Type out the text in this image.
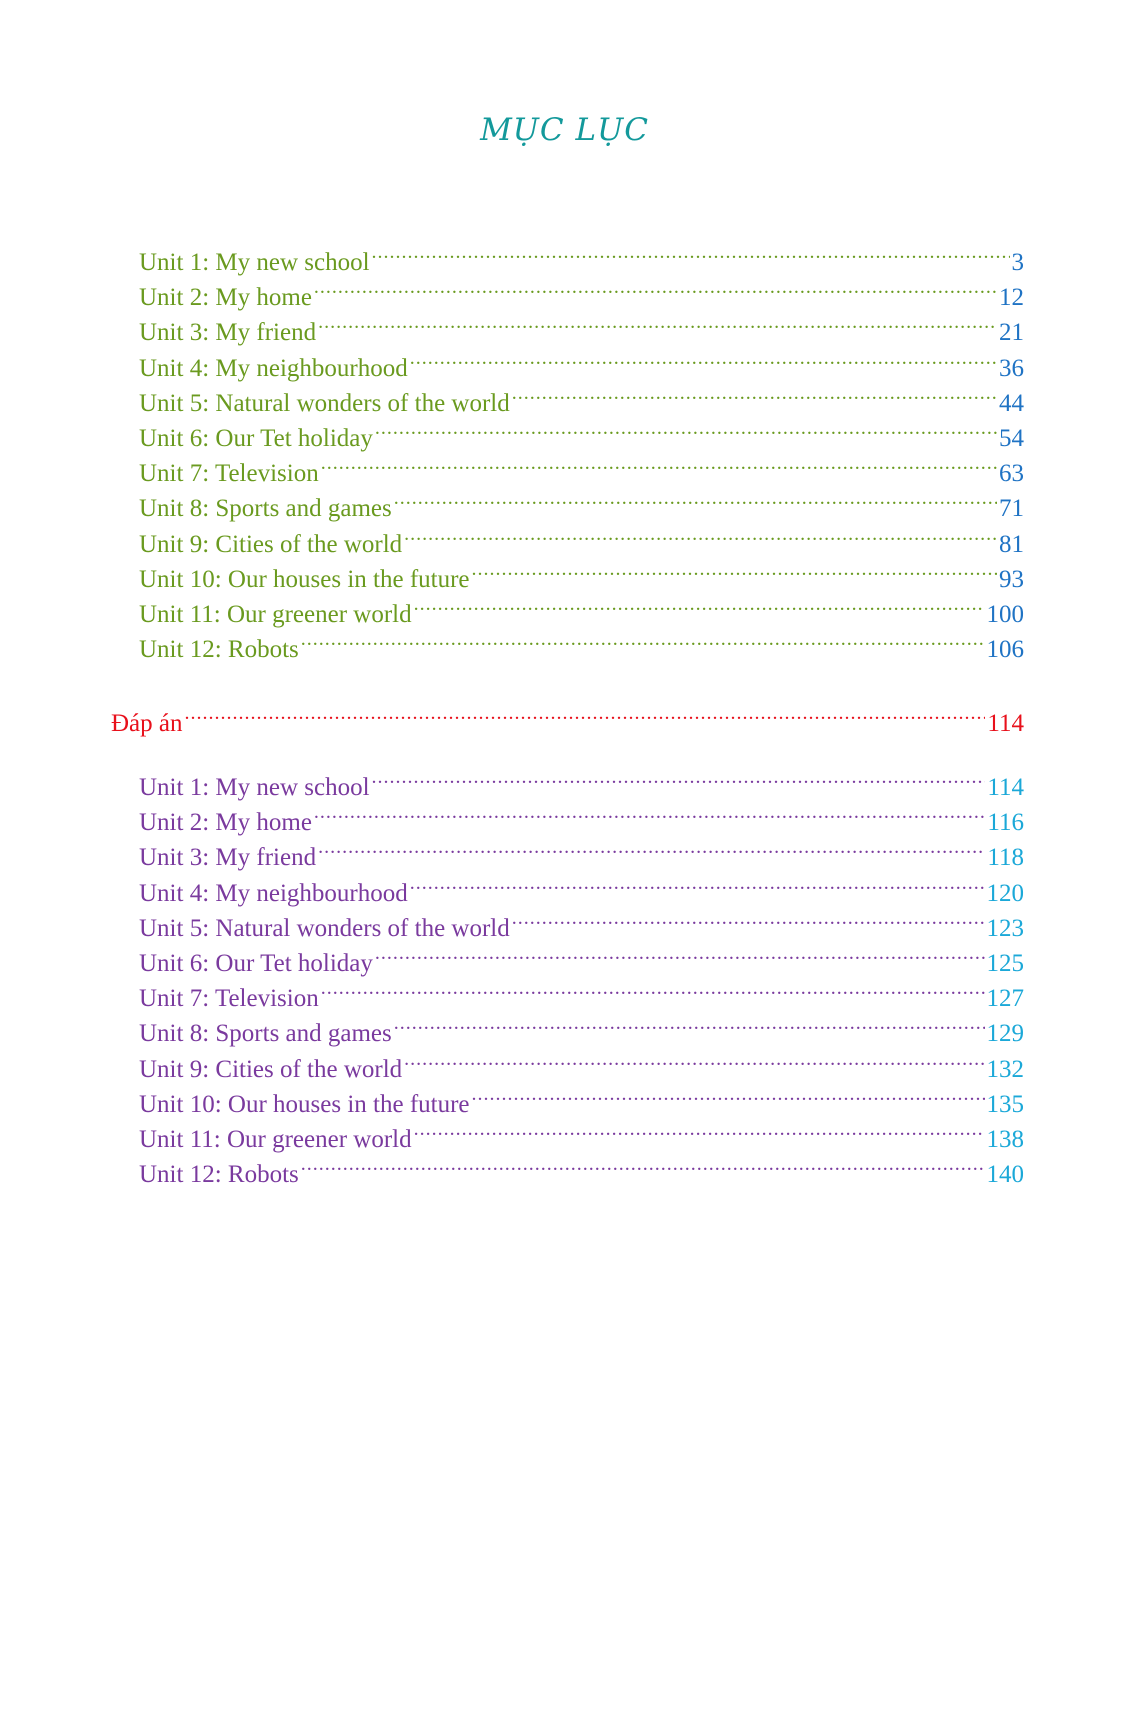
MỤC LỤC
Unit 1: My new school .....	3
Unit 2: My home .....	12
Unit 3: My friend .....	21
Unit 4: My neighbourhood .....	36
Unit 5: Natural wonders of the world .....	44
Unit 6: Our Tet holiday .....	54
Unit 7: Television .....	63
Unit 8: Sports and games .....	71
Unit 9: Cities of the world .....	81
Unit 10: Our houses in the future .....	93
Unit 11: Our greener world .....	100
Unit 12: Robots .....	106
Đáp án .....	114
Unit 1: My new school .....	114
Unit 2: My home .....	116
Unit 3: My friend .....	118
Unit 4: My neighbourhood .....	120
Unit 5: Natural wonders of the world .....	123
Unit 6: Our Tet holiday .....	125
Unit 7: Television .....	127
Unit 8: Sports and games .....	129
Unit 9: Cities of the world .....	132
Unit 10: Our houses in the future .....	135
Unit 11: Our greener world .....	138
Unit 12: Robots .....	140
